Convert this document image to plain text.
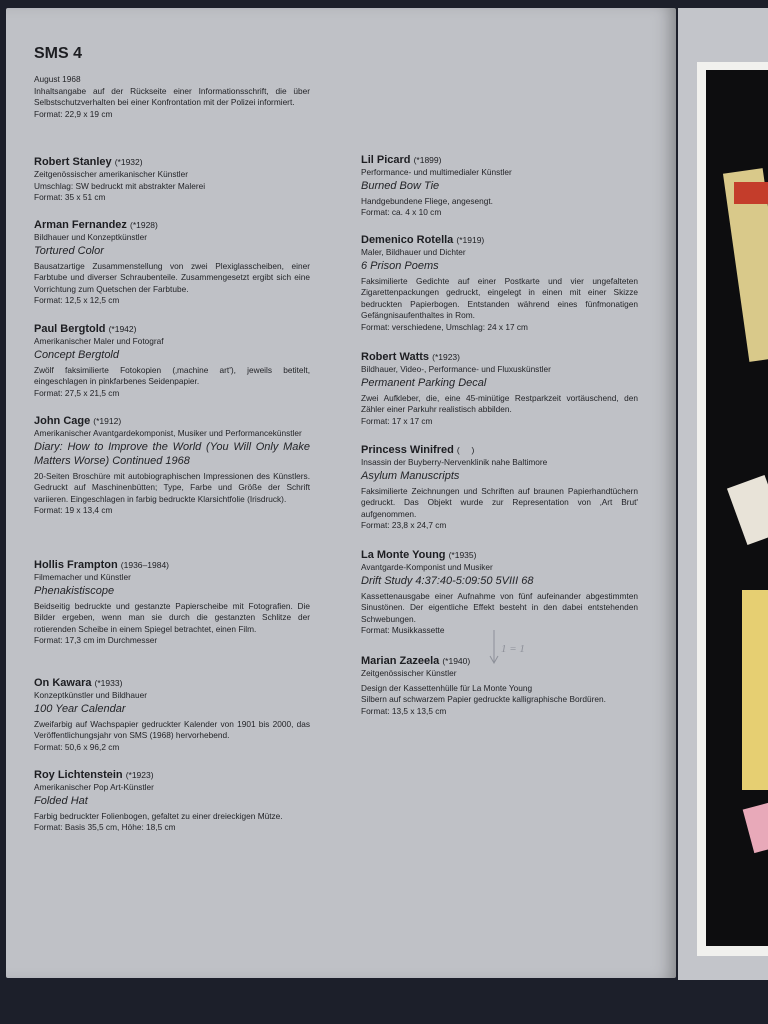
SMS 4
August 1968
Inhaltsangabe auf der Rückseite einer Informationsschrift, die über Selbstschutzverhalten bei einer Konfrontation mit der Polizei informiert.
Format: 22,9 x 19 cm
Robert Stanley (*1932)
Zeitgenössischer amerikanischer Künstler
Umschlag: SW bedruckt mit abstrakter Malerei
Format: 35 x 51 cm
Arman Fernandez (*1928)
Bildhauer und Konzeptkünstler
Tortured Color
Bausatzartige Zusammenstellung von zwei Plexiglasscheiben, einer Farbtube und diverser Schraubenteile. Zusammengesetzt ergibt sich eine Vorrichtung zum Quetschen der Farbtube.
Format: 12,5 x 12,5 cm
Paul Bergtold (*1942)
Amerikanischer Maler und Fotograf
Concept Bergtold
Zwölf faksimilierte Fotokopien (‚machine art'), jeweils betitelt, eingeschlagen in pinkfarbenes Seidenpapier.
Format: 27,5 x 21,5 cm
John Cage (*1912)
Amerikanischer Avantgardekomponist, Musiker und Performancekünstler
Diary: How to Improve the World (You Will Only Make Matters Worse) Continued 1968
20-Seiten Broschüre mit autobiographischen Impressionen des Künstlers. Gedruckt auf Maschinenbütten; Type, Farbe und Größe der Schrift variieren. Eingeschlagen in farbig bedruckte Klarsichtfolie (Irisdruck).
Format: 19 x 13,4 cm
Hollis Frampton (1936–1984)
Filmemacher und Künstler
Phenakistiscope
Beidseitig bedruckte und gestanzte Papierscheibe mit Fotografien. Die Bilder ergeben, wenn man sie durch die gestanzten Schlitze der rotierenden Scheibe in einem Spiegel betrachtet, einen Film.
Format: 17,3 cm im Durchmesser
On Kawara (*1933)
Konzeptkünstler und Bildhauer
100 Year Calendar
Zweifarbig auf Wachspapier gedruckter Kalender von 1901 bis 2000, das Veröffentlichungsjahr von SMS (1968) hervorhebend.
Format: 50,6 x 96,2 cm
Roy Lichtenstein (*1923)
Amerikanischer Pop Art-Künstler
Folded Hat
Farbig bedruckter Folienbogen, gefaltet zu einer dreieckigen Mütze.
Format: Basis 35,5 cm, Höhe: 18,5 cm
Lil Picard (*1899)
Performance- und multimedialer Künstler
Burned Bow Tie
Handgebundene Fliege, angesengt.
Format: ca. 4 x 10 cm
Demenico Rotella (*1919)
Maler, Bildhauer und Dichter
6 Prison Poems
Faksimilierte Gedichte auf einer Postkarte und vier ungefalteten Zigarettenpackungen gedruckt, eingelegt in einen mit einer Skizze bedruckten Papierbogen. Entstanden während eines fünfmonatigen Gefängnisaufenthaltes in Rom.
Format: verschiedene, Umschlag: 24 x 17 cm
Robert Watts (*1923)
Bildhauer, Video-, Performance- und Fluxuskünstler
Permanent Parking Decal
Zwei Aufkleber, die, eine 45-minütige Restparkzeit vortäuschend, den Zähler einer Parkuhr realistisch abbilden.
Format: 17 x 17 cm
Princess Winifred (     )
Insassin der Buyberry-Nervenklinik nahe Baltimore
Asylum Manuscripts
Faksimilierte Zeichnungen und Schriften auf braunen Papierhandtüchern gedruckt. Das Objekt wurde zur Representation von ‚Art Brut' aufgenommen.
Format: 23,8 x 24,7 cm
La Monte Young (*1935)
Avantgarde-Komponist und Musiker
Drift Study 4:37:40-5:09:50 5VIII 68
Kassettenausgabe einer Aufnahme von fünf aufeinander abgestimmten Sinustönen. Der eigentliche Effekt besteht in den dabei entstehenden Schwebungen.
Format: Musikkassette
Marian Zazeela (*1940)
Zeitgenössischer Künstler
Design der Kassettenhülle für La Monte Young
Silbern auf schwarzem Papier gedruckte kalligraphische Bordüren.
Format: 13,5 x 13,5 cm
1 = 1
